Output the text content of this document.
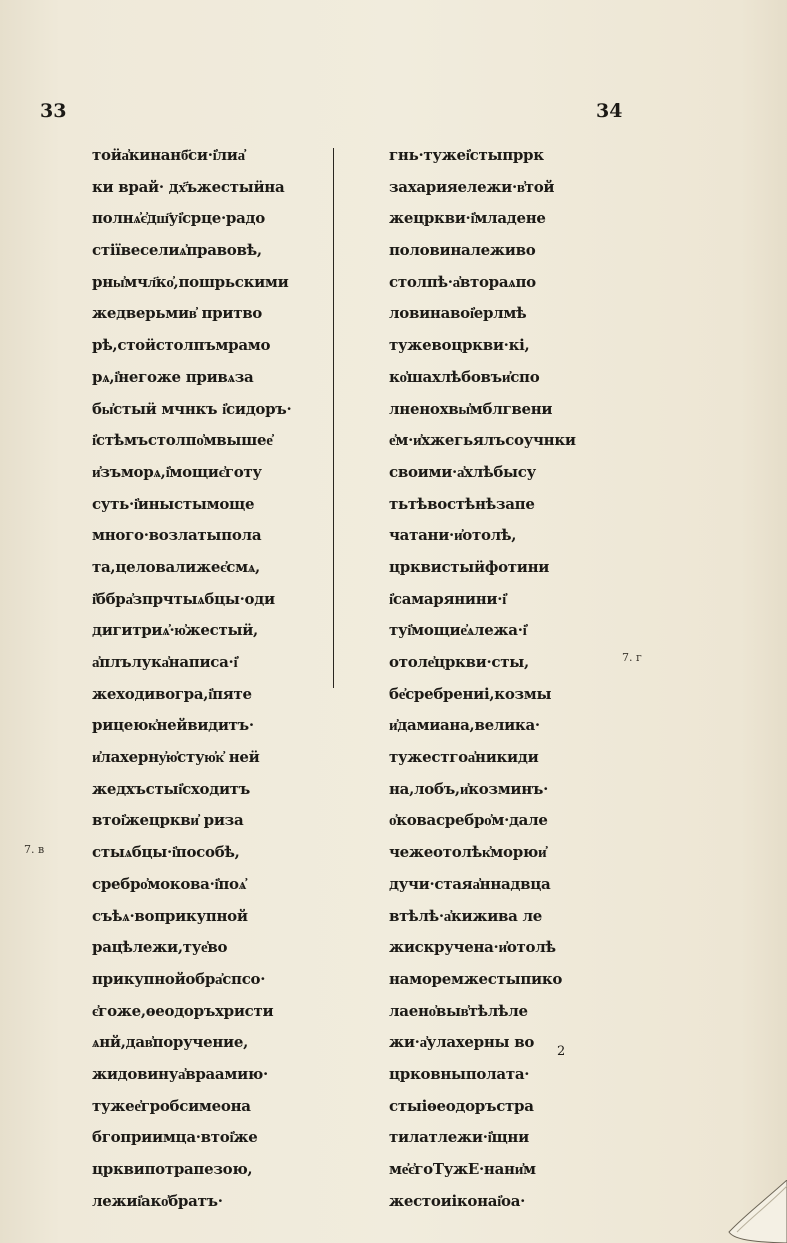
33	34
тоӥа҆кинанб҃си·і҆лиа҆
ки врай· дх҃ъжестыӥна
полнѧ҆є҆дш҃уі҆срце·радо
стіївеселиѧ҆правовѣ,
рны҆мчл҃ко҆,пошрьскими
жедверьмив҆ притво
рѣ,стоӥстолпъмрамо
рѧ,і҆негоже привѧза
бы҆стыӥ мчнкъ і҆сидоръ·
і҆стѣмъстолпо҆мвышее҆
и҆зъморѧ,і҆мощиє҆готу
суть·і҆иныстымоще
много·возлатыпола
та,целовалижеє҆смѧ,
і҆ббра҆зпрчтыѧбцы·оди
дигитриѧ҆·ю҆жестыӥ,
а҆плълука҆написа·і҆
жеходивогра,і҆пяте
рицеюк҆нейвидитъ·
и҆лахерну҆ю҆стую҆к҆ неӥ
жедхъстыі҆сходитъ
втоі҆жецркви҆ риза
стыѧбцы·і҆пособѣ,
сребро҆мокова·і҆поѧ҆
съѣѧ·воприкупной
рацѣлежи,туе҆во
прикупнойобра҆спсо·
є҆гоже,ѳеодоръхристи
ѧнй,дав҆поручение,
жидовинуа҆враамию·
тужее҆гробсимеона
бгоприимца·втоі҆же
црквипотрапезою,
лежиі҆ако҆братъ·
гнь·тужеі҆стыпррк
захарияележи·в҆той
жецркви·і҆младене
половиналеживо
столпѣ·а҆втораѧпо
ловинавоі҆ерлмѣ
тужевоцркви·кі,
ко҆шахлѣбовъи҆спо
лненохвы҆мблгвени
е҆м·и҆хжегьялъсоучнки
своими·а҆хлѣбысу
тьтѣвостѣнѣзапе
чатани·и҆отолѣ,
црквистыӥфотини
і҆самарянини·і҆
туі҆мощие҆ѧлежа·і҆
отоле҆цркви·сты,
бе҆сребрениі,козмы
и҆дамиана,велика·
тужестгоа҆никиди
на,лобъ,и҆козминъ·
о҆ковасребро҆м·дале
чежеотолѣк҆морюи҆
дучи·стаяа҆ннадвца
втѣлѣ·а҆кижива ле
жискручена·и҆отолѣ
наморемжестыпико
лаено҆выв҆тѣлѣле
жи·а҆улахерны во
црковныполата·
стыіѳеодоръстра
тилатлежи·і҆щни
ме҆є҆гоТужЕ·нани҆м
жестоиіконаі҆оа·
7. г
7. в
2
